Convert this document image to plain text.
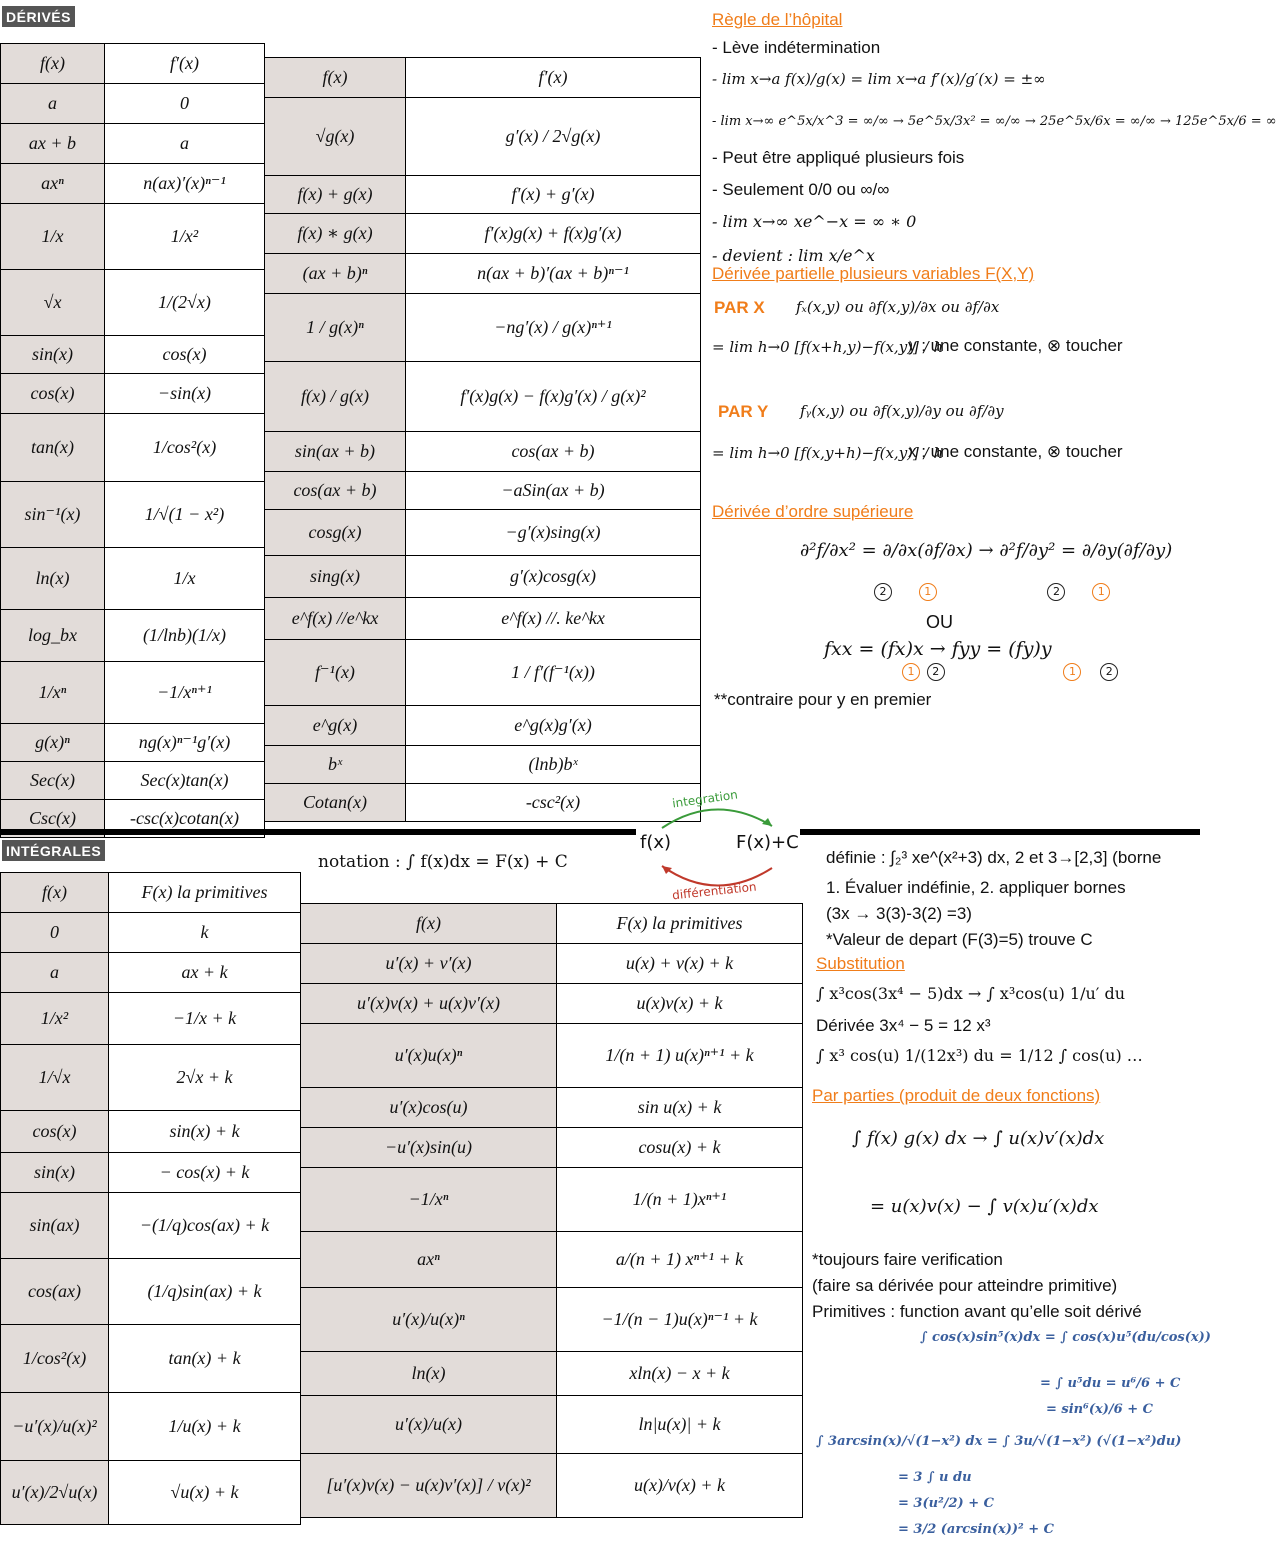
DÉRIVÉS
f(x)	f′(x)
a	0
ax + b	a
axⁿ	n(ax)′(x)ⁿ⁻¹
1/x	1/x²
√x	1/(2√x)
sin(x)	cos(x)
cos(x)	−sin(x)
tan(x)	1/cos²(x)
sin⁻¹(x)	1/√(1 − x²)
ln(x)	1/x
log_bx	(1/lnb)(1/x)
1/xⁿ	−1/xⁿ⁺¹
g(x)ⁿ	ng(x)ⁿ⁻¹g′(x)
Sec(x)	Sec(x)tan(x)
Csc(x)	-csc(x)cotan(x)
f(x)	f′(x)
√g(x)	g′(x) / 2√g(x)
f(x) + g(x)	f′(x) + g′(x)
f(x) ∗ g(x)	f′(x)g(x) + f(x)g′(x)
(ax + b)ⁿ	n(ax + b)′(ax + b)ⁿ⁻¹
1 / g(x)ⁿ	−ng′(x) / g(x)ⁿ⁺¹
f(x) / g(x)	f′(x)g(x) − f(x)g′(x) / g(x)²
sin(ax + b)	cos(ax + b)
cos(ax + b)	−aSin(ax + b)
cosg(x)	−g′(x)sing(x)
sing(x)	g′(x)cosg(x)
e^f(x) //e^kx	e^f(x) //. ke^kx
f⁻¹(x)	1 / f′(f⁻¹(x))
e^g(x)	e^g(x)g′(x)
bˣ	(lnb)bˣ
Cotan(x)	-csc²(x)
Règle de l’hôpital
- Lève indétermination
- lim x→a f(x)/g(x) = lim x→a f′(x)/g′(x) = ±∞
- lim x→∞ e^5x/x^3 = ∞/∞ → 5e^5x/3x² = ∞/∞ → 25e^5x/6x = ∞/∞ → 125e^5x/6 = ∞
- Peut être appliqué plusieurs fois
- Seulement 0/0 ou ∞/∞
- lim x→∞ xe^−x = ∞ ∗ 0
- devient : lim x/e^x
Dérivée partielle plusieurs variables F(X,Y)
PAR X fₓ(x,y) ou ∂f(x,y)/∂x ou ∂f/∂x
= lim h→0 [f(x+h,y)−f(x,y)] / h
y : une constante, ⊗ toucher
PAR Y fᵧ(x,y) ou ∂f(x,y)/∂y ou ∂f/∂y
= lim h→0 [f(x,y+h)−f(x,y)] / h
x : une constante, ⊗ toucher
Dérivée d’ordre supérieure
∂²f/∂x² = ∂/∂x(∂f/∂x) → ∂²f/∂y² = ∂/∂y(∂f/∂y)
2	1	2	1
OU
fxx = (fx)x → fyy = (fy)y
1 2	1	2
**contraire pour y en premier
f(x)	F(x)+C
integration
différentiation
INTÉGRALES
notation : ∫ f(x)dx = F(x) + C
f(x)	F(x) la primitives
0	k
a	ax + k
1/x²	−1/x + k
1/√x	2√x + k
cos(x)	sin(x) + k
sin(x)	− cos(x) + k
sin(ax)	−(1/q)cos(ax) + k
cos(ax)	(1/q)sin(ax) + k
1/cos²(x)	tan(x) + k
−u′(x)/u(x)²	1/u(x) + k
u′(x)/2√u(x)	√u(x) + k
f(x)	F(x) la primitives
u′(x) + v′(x)	u(x) + v(x) + k
u′(x)v(x) + u(x)v′(x)	u(x)v(x) + k
u′(x)u(x)ⁿ	1/(n + 1) u(x)ⁿ⁺¹ + k
u′(x)cos(u)	sin u(x) + k
−u′(x)sin(u)	cosu(x) + k
−1/xⁿ	1/(n + 1)xⁿ⁺¹
axⁿ	a/(n + 1) xⁿ⁺¹ + k
u′(x)/u(x)ⁿ	−1/(n − 1)u(x)ⁿ⁻¹ + k
ln(x)	xln(x) − x + k
u′(x)/u(x)	ln|u(x)| + k
[u′(x)v(x) − u(x)v′(x)] / v(x)²	u(x)/v(x) + k
définie : ∫₂³ xe^(x²+3) dx, 2 et 3→[2,3] (borne
1. Évaluer indéfinie, 2. appliquer bornes
(3x → 3(3)-3(2) =3)
*Valeur de depart (F(3)=5) trouve C
Substitution
∫ x³cos(3x⁴ − 5)dx → ∫ x³cos(u) 1/u′ du
Dérivée 3x⁴ − 5 = 12 x³
∫ x³ cos(u) 1/(12x³) du = 1/12 ∫ cos(u) …
Par parties (produit de deux fonctions)
∫ f(x) g(x) dx → ∫ u(x)v′(x)dx
= u(x)v(x) − ∫ v(x)u′(x)dx
*toujours faire verification
(faire sa dérivée pour atteindre primitive)
Primitives : function avant qu’elle soit dérivé
∫ cos(x)sin⁵(x)dx = ∫ cos(x)u⁵(du/cos(x))
= ∫ u⁵du = u⁶/6 + C
= sin⁶(x)/6 + C
∫ 3arcsin(x)/√(1−x²) dx = ∫ 3u/√(1−x²) (√(1−x²)du)
= 3 ∫ u du
= 3(u²/2) + C
= 3/2 (arcsin(x))² + C
